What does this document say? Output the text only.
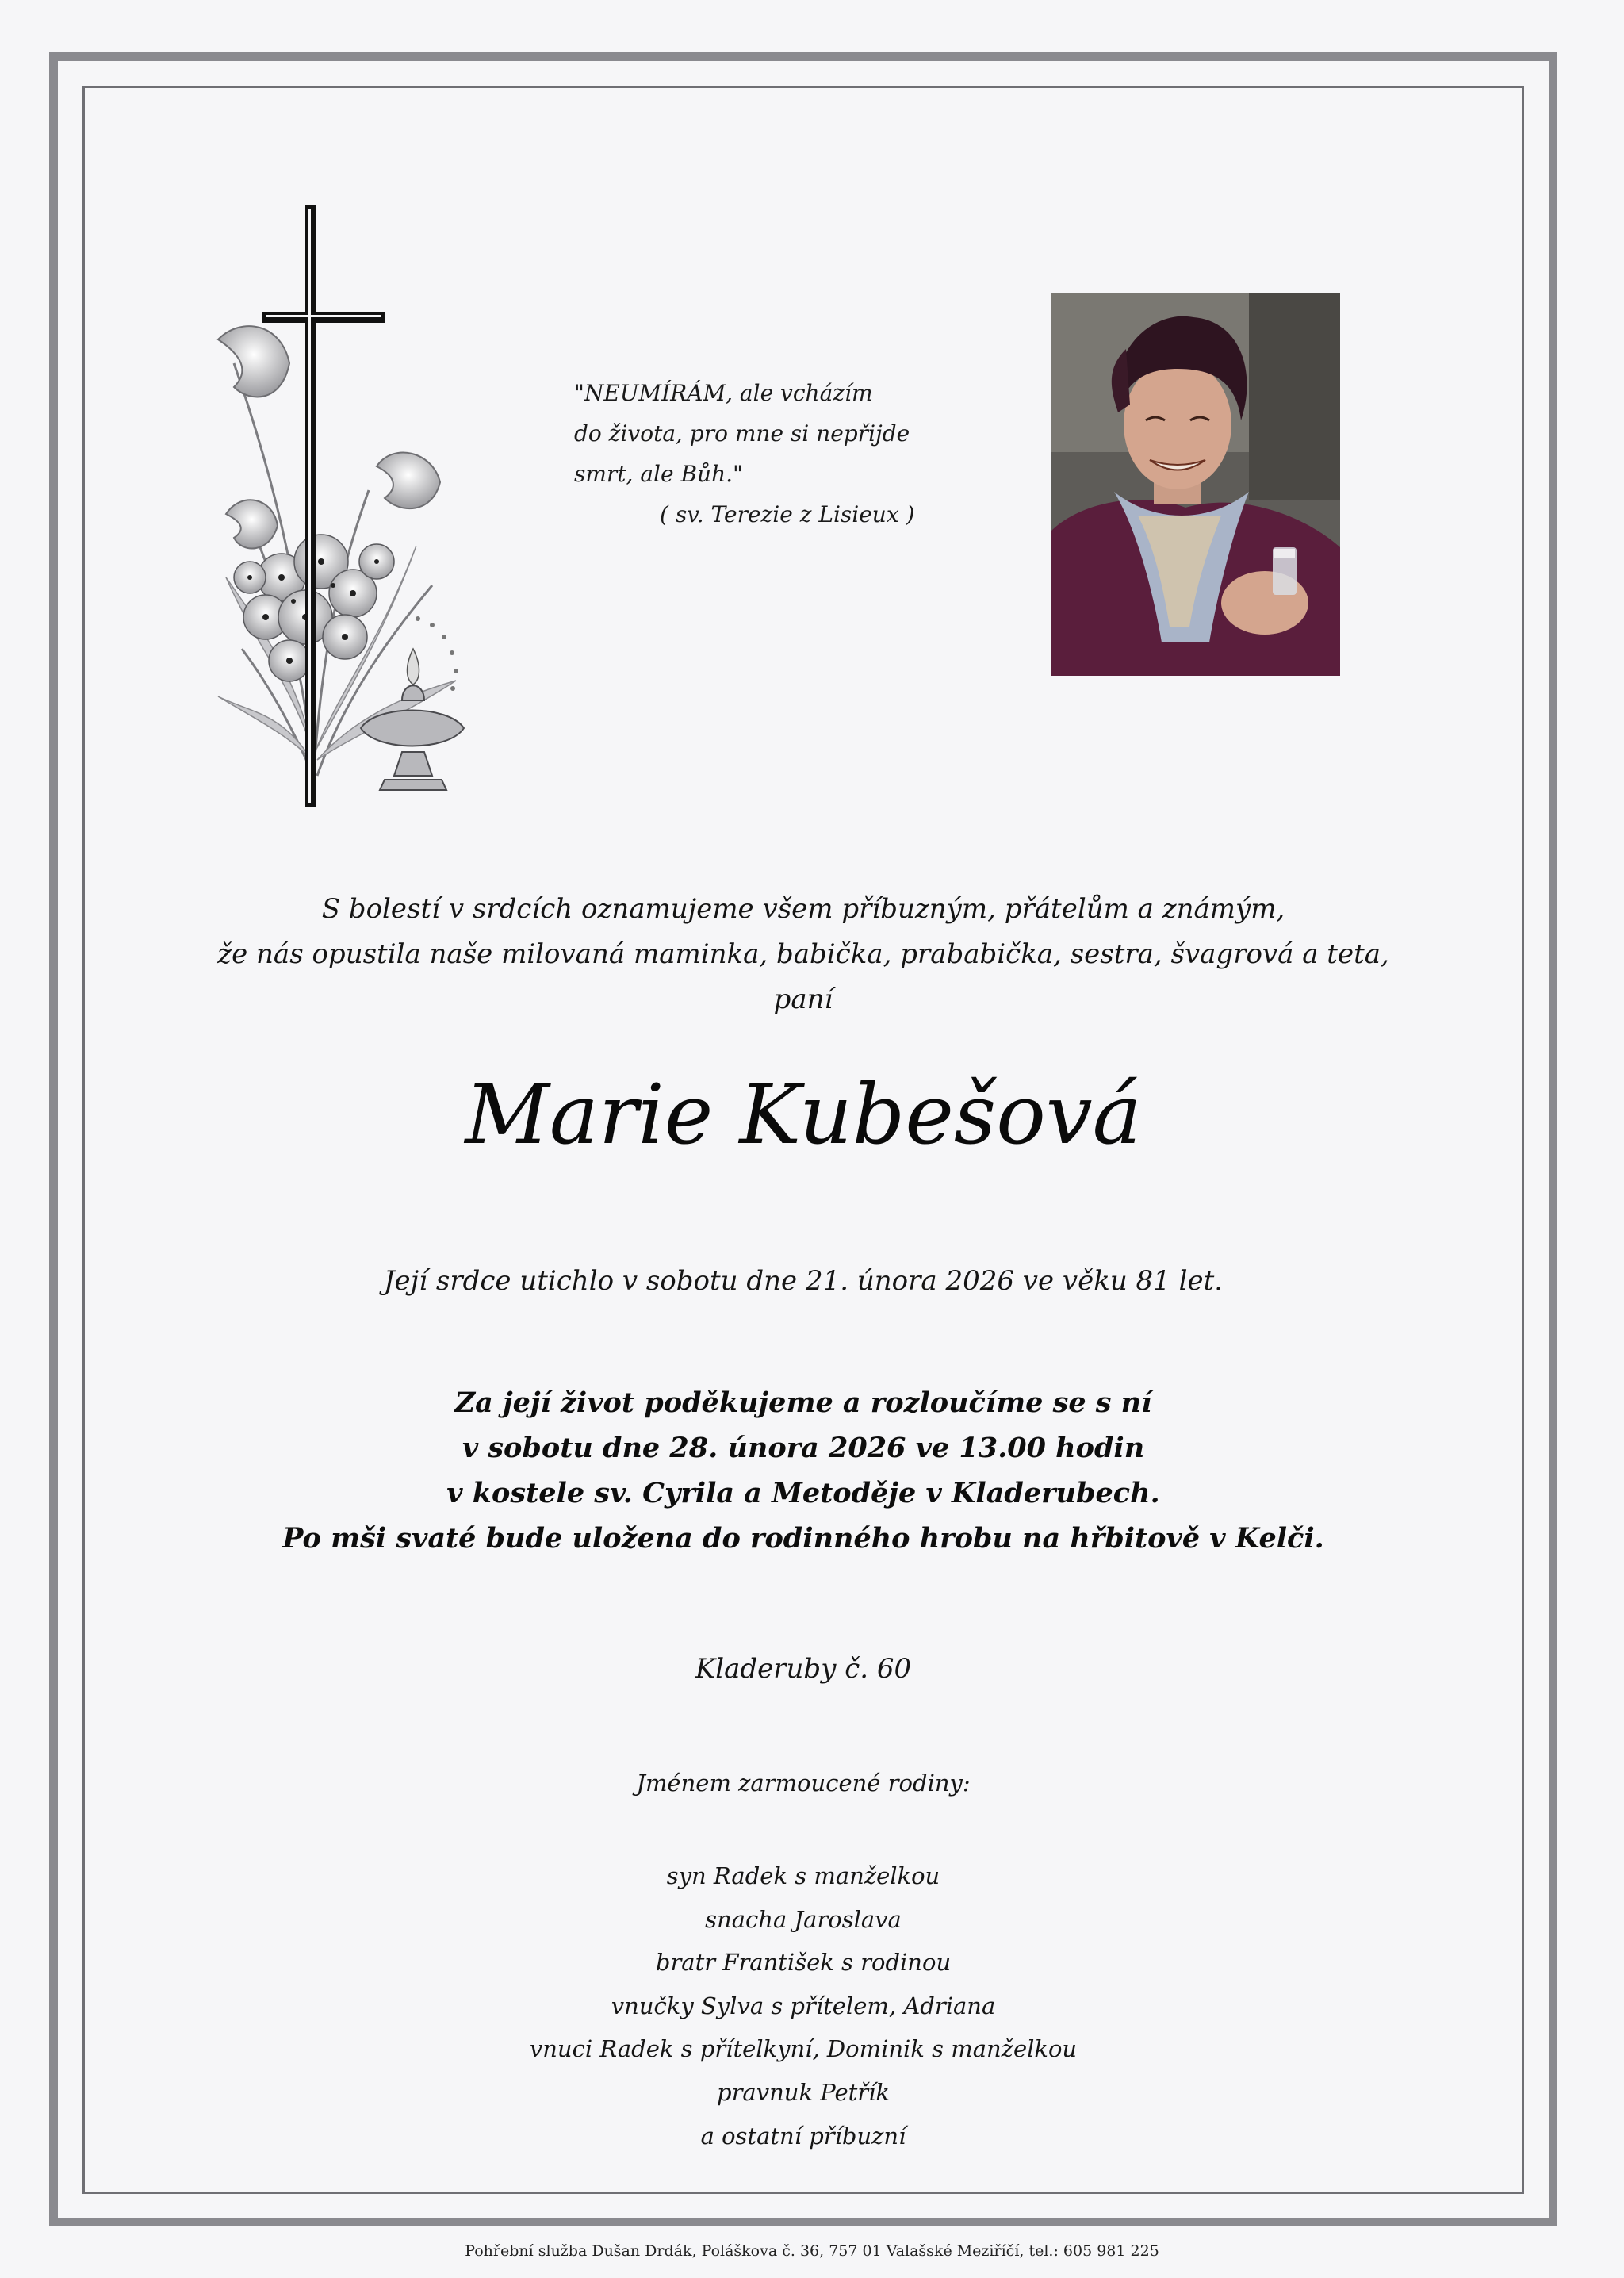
"NEUMÍRÁM, ale vcházím
do života, pro mne si nepřijde
smrt, ale Bůh."
( sv. Terezie z Lisieux )
S bolestí v srdcích oznamujeme všem příbuzným, přátelům a známým,
že nás opustila naše milovaná maminka, babička, prababička, sestra, švagrová a teta,
paní
Marie Kubešová
Její srdce utichlo v sobotu dne 21. února 2026 ve věku 81 let.
Za její život poděkujeme a rozloučíme se s ní
v sobotu dne 28. února 2026 ve 13.00 hodin
v kostele sv. Cyrila a Metoděje v Kladerubech.
Po mši svaté bude uložena do rodinného hrobu na hřbitově v Kelči.
Kladeruby č. 60
Jménem zarmoucené rodiny:
syn Radek s manželkou
snacha Jaroslava
bratr František s rodinou
vnučky Sylva s přítelem, Adriana
vnuci Radek s přítelkyní, Dominik s manželkou
pravnuk Petřík
a ostatní příbuzní
Pohřební služba Dušan Drdák, Poláškova č. 36, 757 01 Valašské Meziříčí, tel.: 605 981 225
